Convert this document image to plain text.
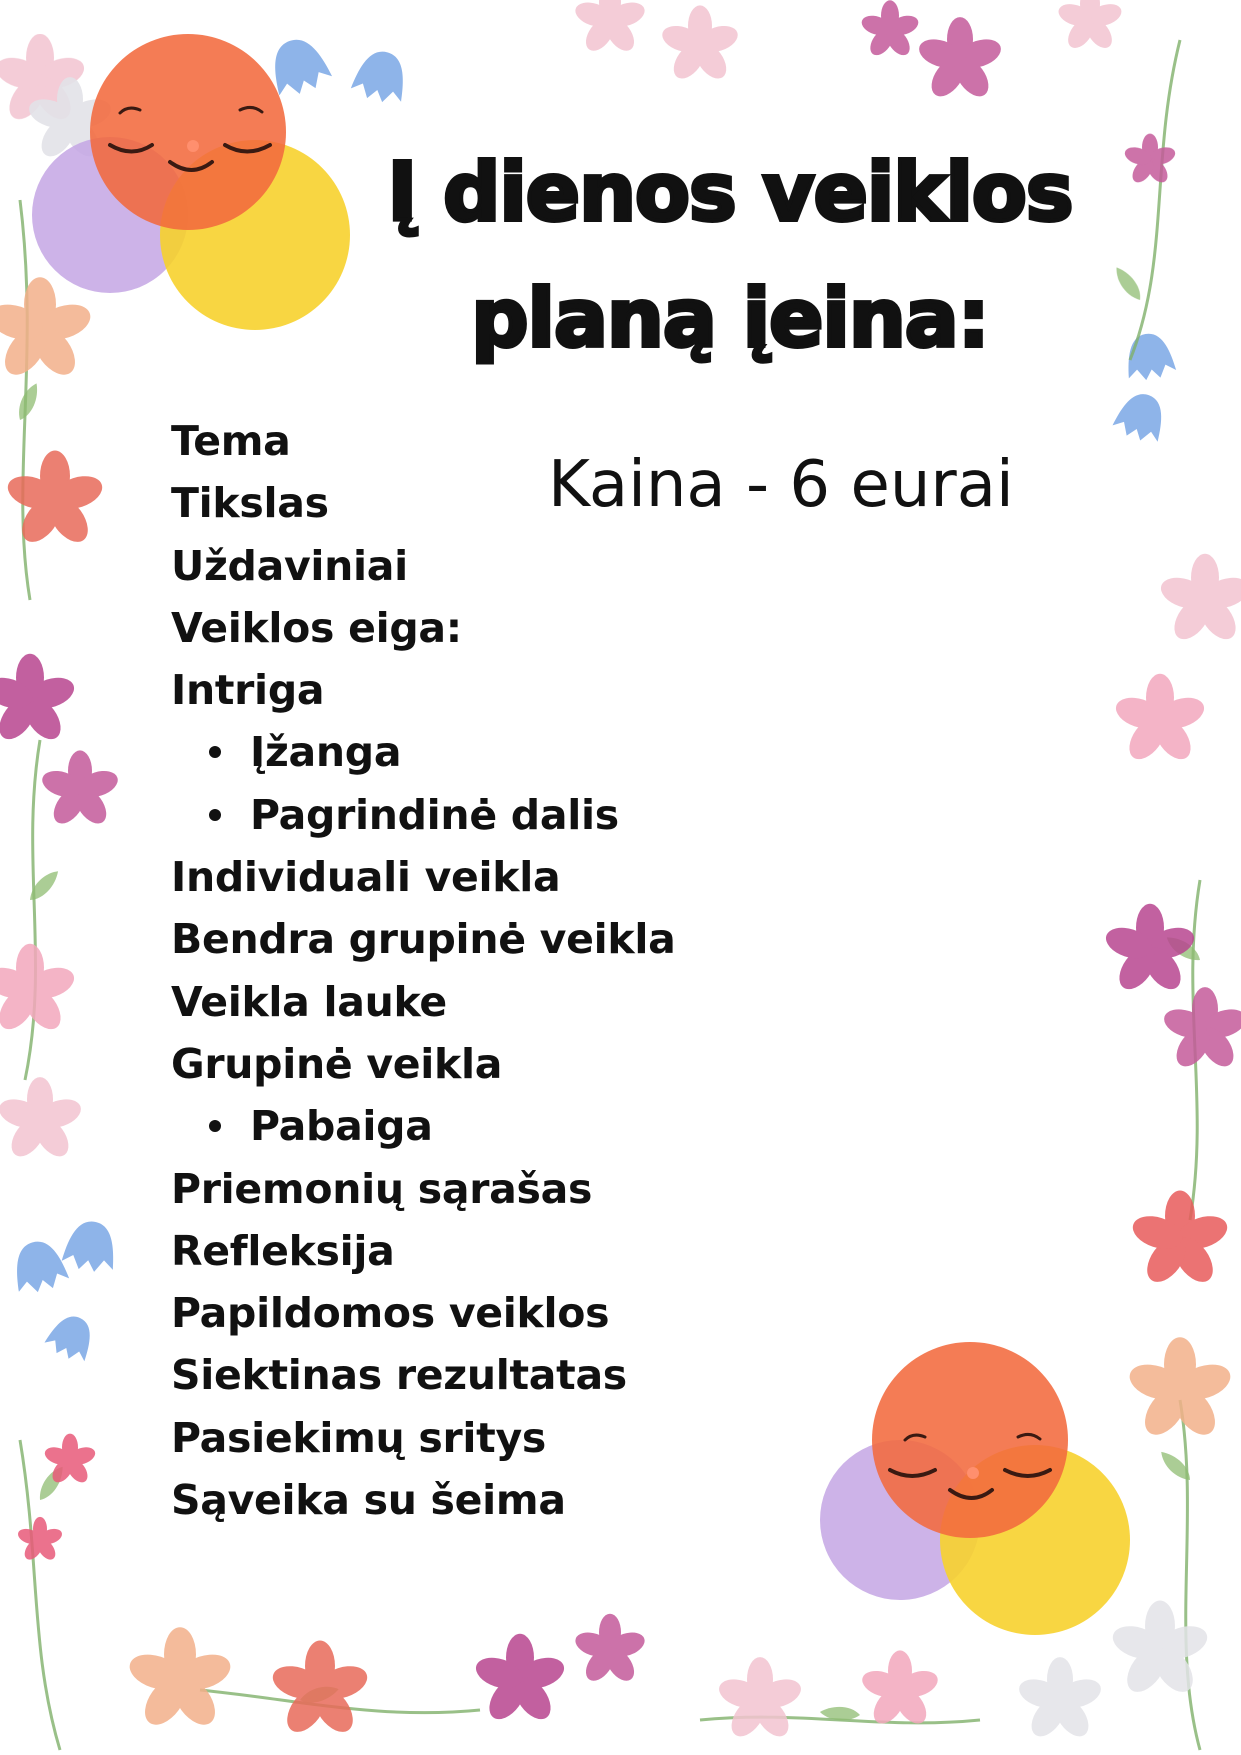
Į dienos veiklos
planą įeina:
Kaina - 6 eurai
Tema
Tikslas
Uždaviniai
Veiklos eiga:
Intriga
Įžanga
Pagrindinė dalis
Individuali veikla
Bendra grupinė veikla
Veikla lauke
Grupinė veikla
Pabaiga
Priemonių sąrašas
Refleksija
Papildomos veiklos
Siektinas rezultatas
Pasiekimų sritys
Sąveika su šeima
